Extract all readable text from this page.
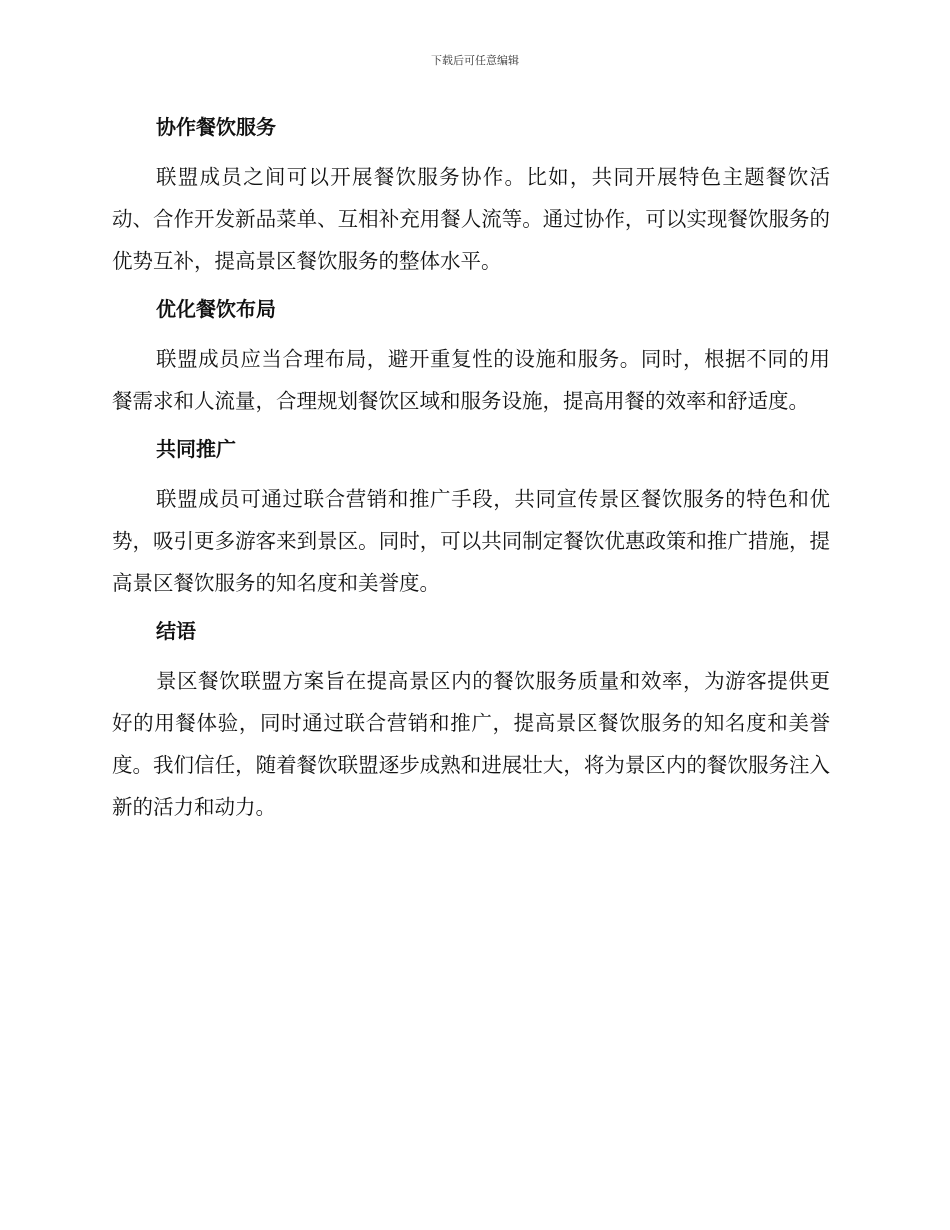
下载后可任意编辑
协作餐饮服务

联盟成员之间可以开展餐饮服务协作。比如，共同开展特色主题餐饮活动、合作开发新品菜单、互相补充用餐人流等。通过协作，可以实现餐饮服务的优势互补，提高景区餐饮服务的整体水平。

优化餐饮布局

联盟成员应当合理布局，避开重复性的设施和服务。同时，根据不同的用餐需求和人流量，合理规划餐饮区域和服务设施，提高用餐的效率和舒适度。

共同推广

联盟成员可通过联合营销和推广手段，共同宣传景区餐饮服务的特色和优势，吸引更多游客来到景区。同时，可以共同制定餐饮优惠政策和推广措施，提高景区餐饮服务的知名度和美誉度。

结语

景区餐饮联盟方案旨在提高景区内的餐饮服务质量和效率，为游客提供更好的用餐体验，同时通过联合营销和推广，提高景区餐饮服务的知名度和美誉度。我们信任，随着餐饮联盟逐步成熟和进展壮大，将为景区内的餐饮服务注入新的活力和动力。
